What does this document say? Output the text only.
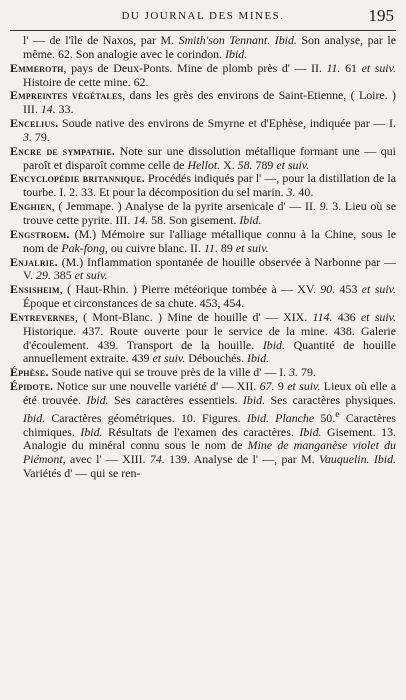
DU JOURNAL DES MINES.	195

l' — de l'île de Naxos, par M. Smith'son Tennant. Ibid. Son analyse, par le même. 62. Son analogie avec le corindon. Ibid.

Emmeroth, pays de Deux-Ponts. Mine de plomb près d' — II. 11. 61 et suiv. Histoire de cette mine. 62.

Empreintes végétales, dans les grès des environs de Saint-Etienne, ( Loire. ) III. 14. 33.

Encelius. Soude native des environs de Smyrne et d'Ephèse, indiquée par — I. 3. 79.

Encre de sympathie. Note sur une dissolution métallique formant une — qui paroît et disparoît comme celle de Hellot. X. 58. 789 et suiv.

Encyclopédie britannique. Procédés indiqués par l' —, pour la distillation de la tourbe. I. 2. 33. Et pour la décomposition du sel marin. 3. 40.

Enghien, ( Jemmape. ) Analyse de la pyrite arsenicale d' — II. 9. 3. Lieu où se trouve cette pyrite. III. 14. 58. Son gisement. Ibid.

Engstroem. (M.) Mémoire sur l'alliage métallique connu à la Chine, sous le nom de Pak-fong, ou cuivre blanc. II. 11. 89 et suiv.

Enjalrie. (M.) Inflammation spontanée de houille observée à Narbonne par — V. 29. 385 et suiv.

Ensisheim, ( Haut-Rhin. ) Pierre météorique tombée à — XV. 90. 453 et suiv. Époque et circonstances de sa chute. 453, 454.

Entrevernes, ( Mont-Blanc. ) Mine de houille d' — XIX. 114. 436 et suiv. Historique. 437. Route ouverte pour le service de la mine. 438. Galerie d'écoulement. 439. Transport de la houille. Ibid. Quantité de houille annuellement extraite. 439 et suiv. Débouchés. Ibid.

Éphèse. Soude native qui se trouve près de la ville d' — I. 3. 79.

Épidote. Notice sur une nouvelle variété d' — XII. 67. 9 et suiv. Lieux où elle a été trouvée. Ibid. Ses caractères essentiels. Ibid. Ses caractères physiques. Ibid. Caractères géométriques. 10. Figures. Ibid. Planche 50.$^e$ Caractères chimiques. Ibid. Résultats de l'examen des caractères. Ibid. Gisement. 13. Analogie du minéral connu sous le nom de Mine de manganèse violet du Piémont, avec l' — XIII. 74. 139. Analyse de l' —, par M. Vauquelin. Ibid. Variétés d' — qui se ren-
